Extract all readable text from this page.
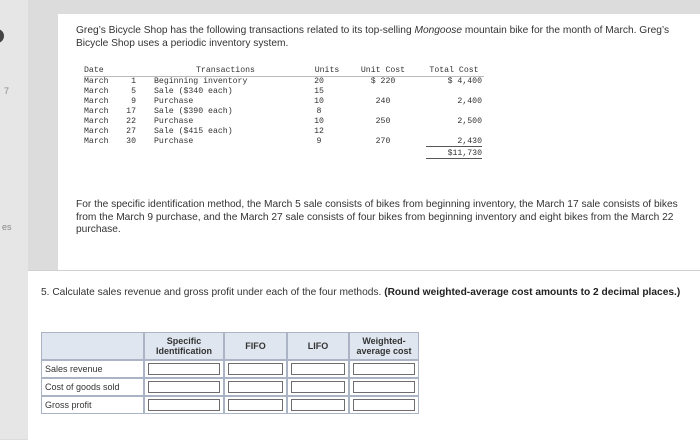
7
es
Greg’s Bicycle Shop has the following transactions related to its top-selling Mongoose mountain bike for the month of March. Greg’s Bicycle Shop uses a periodic inventory system.
Date	Transactions	Units	Unit Cost	Total Cost
March	1 Beginning inventory	20	$ 220	$ 4,400
March	5 Sale ($340 each)	15
March	9 Purchase	10	240	2,400
March	17 Sale ($390 each)	8
March	22 Purchase	10	250	2,500
March	27 Sale ($415 each)	12
March	30 Purchase	9	270	2,430
$11,730
For the specific identification method, the March 5 sale consists of bikes from beginning inventory, the March 17 sale consists of bikes from the March 9 purchase, and the March 27 sale consists of four bikes from beginning inventory and eight bikes from the March 22 purchase.
5. Calculate sales revenue and gross profit under each of the four methods. (Round weighted-average cost amounts to 2 decimal places.)
Specific Identification	FIFO	LIFO	Weighted-average cost
Sales revenue
Cost of goods sold
Gross profit
